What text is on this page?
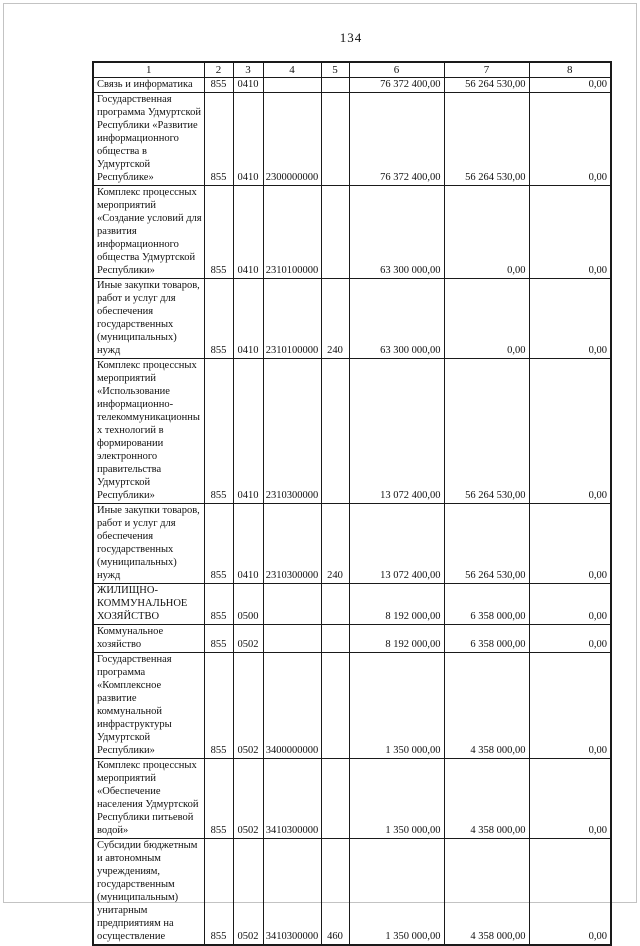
134
1	2	3	4	5	6	7	8
Связь и информатика	855	0410			76 372 400,00	56 264 530,00	0,00
Государственная
программа Удмуртской
Республики «Развитие
информационного
общества в Удмуртской
Республике»	855	0410	2300000000		76 372 400,00	56 264 530,00	0,00
Комплекс процессных
мероприятий
«Создание условий для
развития
информационного
общества Удмуртской
Республики»	855	0410	2310100000		63 300 000,00	0,00	0,00
Иные закупки товаров,
работ и услуг для
обеспечения
государственных
(муниципальных) нужд	855	0410	2310100000	240	63 300 000,00	0,00	0,00
Комплекс процессных
мероприятий
«Использование
информационно-
телекоммуникационны
х технологий в
формировании
электронного
правительства
Удмуртской
Республики»	855	0410	2310300000		13 072 400,00	56 264 530,00	0,00
Иные закупки товаров,
работ и услуг для
обеспечения
государственных
(муниципальных) нужд	855	0410	2310300000	240	13 072 400,00	56 264 530,00	0,00
ЖИЛИЩНО-
КОММУНАЛЬНОЕ
ХОЗЯЙСТВО	855	0500			8 192 000,00	6 358 000,00	0,00
Коммунальное
хозяйство	855	0502			8 192 000,00	6 358 000,00	0,00
Государственная
программа
«Комплексное развитие
коммунальной
инфраструктуры
Удмуртской
Республики»	855	0502	3400000000		1 350 000,00	4 358 000,00	0,00
Комплекс процессных
мероприятий
«Обеспечение
населения Удмуртской
Республики питьевой
водой»	855	0502	3410300000		1 350 000,00	4 358 000,00	0,00
Субсидии бюджетным
и автономным
учреждениям,
государственным
(муниципальным)
унитарным
предприятиям на
осуществление	855	0502	3410300000	460	1 350 000,00	4 358 000,00	0,00
